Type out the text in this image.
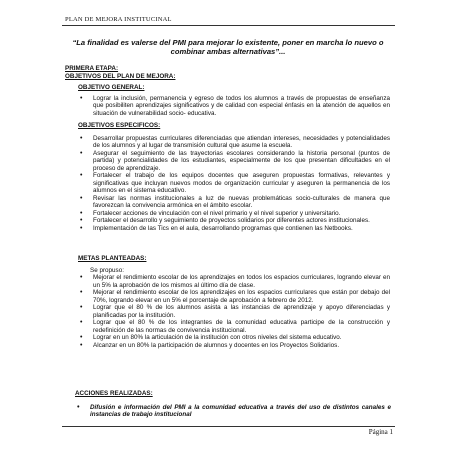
PLAN DE MEJORA INSTITUCINAL
“La finalidad es valerse del PMI para mejorar lo existente, poner en marcha lo nuevo o combinar ambas alternativas”...
PRIMERA ETAPA:
OBJETIVOS DEL PLAN DE MEJORA:
OBJETIVO GENERAL:
• Lograr la inclusión, permanencia y egreso de todos los alumnos a través de propuestas de enseñanza que posibiliten aprendizajes significativos y de calidad con especial énfasis en la atención de aquellos en situación de vulnerabilidad socio- educativa.
OBJETIVOS ESPECIFICOS:
• Desarrollar propuestas curriculares diferenciadas que atiendan intereses, necesidades y potencialidades de los alumnos y al lugar de transmisión cultural que asume la escuela.
• Asegurar el seguimiento de las trayectorias escolares considerando la historia personal (puntos de partida) y potencialidades de los estudiantes, especialmente de los que presentan dificultades en el proceso de aprendizaje.
• Fortalecer el trabajo de los equipos docentes que aseguren propuestas formativas, relevantes y significativas que incluyan nuevos modos de organización curricular y aseguren la permanencia de los alumnos en el sistema educativo.
• Revisar las normas institucionales a luz de nuevas problemáticas socio-culturales de manera que favorezcan la convivencia armónica en el ámbito escolar.
• Fortalecer acciones de vinculación con el nivel primario y el nivel superior y universitario.
• Fortalecer el desarrollo y seguimiento de proyectos solidarios por diferentes actores institucionales.
• Implementación de las Tics en el aula, desarrollando programas que contienen las Netbooks.
METAS PLANTEADAS:
Se propuso:
• Mejorar el rendimiento escolar de los aprendizajes en todos los espacios curriculares, logrando elevar en un 5% la aprobación de los mismos al último día de clase.
• Mejorar el rendimiento escolar de los aprendizajes en los espacios curriculares que están por debajo del 70%, logrando elevar en un 5% el porcentaje de aprobación a febrero de 2012.
• Lograr que el 80 % de los alumnos asista a las instancias de aprendizaje y apoyo diferenciadas y planificadas por la institución.
• Lograr que el 80 % de los integrantes de la comunidad educativa participe de la construcción y redefinición de las normas de convivencia institucional.
• Lograr en un 80% la articulación de la institución con otros niveles del sistema educativo.
• Alcanzar en un 80% la participación de alumnos y docentes en los Proyectos Solidarios.
ACCIONES REALIZADAS:
• Difusión e información del PMI a la comunidad educativa a través del uso de distintos canales e instancias de trabajo institucional
Página 1
